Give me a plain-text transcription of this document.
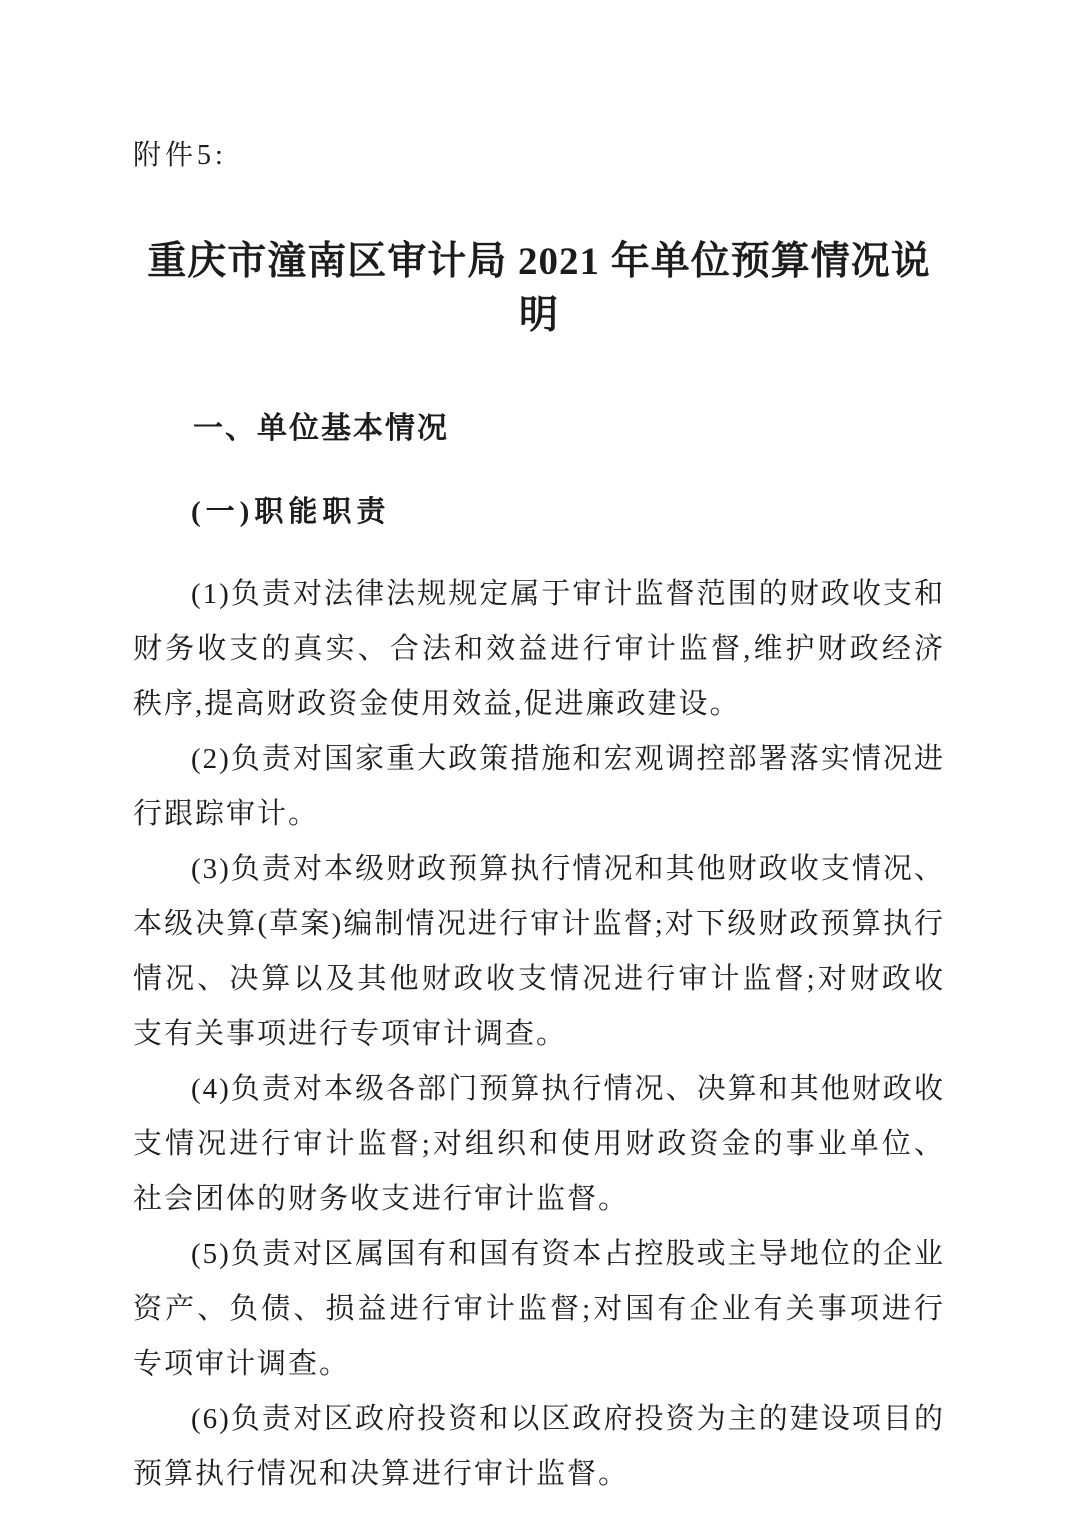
附件5:
重庆市潼南区审计局 2021 年单位预算情况说明
一、单位基本情况
(一)职能职责

(1)负责对法律法规规定属于审计监督范围的财政收支和财务收支的真实、合法和效益进行审计监督,维护财政经济秩序,提高财政资金使用效益,促进廉政建设。

(2)负责对国家重大政策措施和宏观调控部署落实情况进行跟踪审计。

(3)负责对本级财政预算执行情况和其他财政收支情况、本级决算(草案)编制情况进行审计监督;对下级财政预算执行情况、决算以及其他财政收支情况进行审计监督;对财政收支有关事项进行专项审计调查。

(4)负责对本级各部门预算执行情况、决算和其他财政收支情况进行审计监督;对组织和使用财政资金的事业单位、社会团体的财务收支进行审计监督。

(5)负责对区属国有和国有资本占控股或主导地位的企业资产、负债、损益进行审计监督;对国有企业有关事项进行专项审计调查。

(6)负责对区政府投资和以区政府投资为主的建设项目的预算执行情况和决算进行审计监督。
